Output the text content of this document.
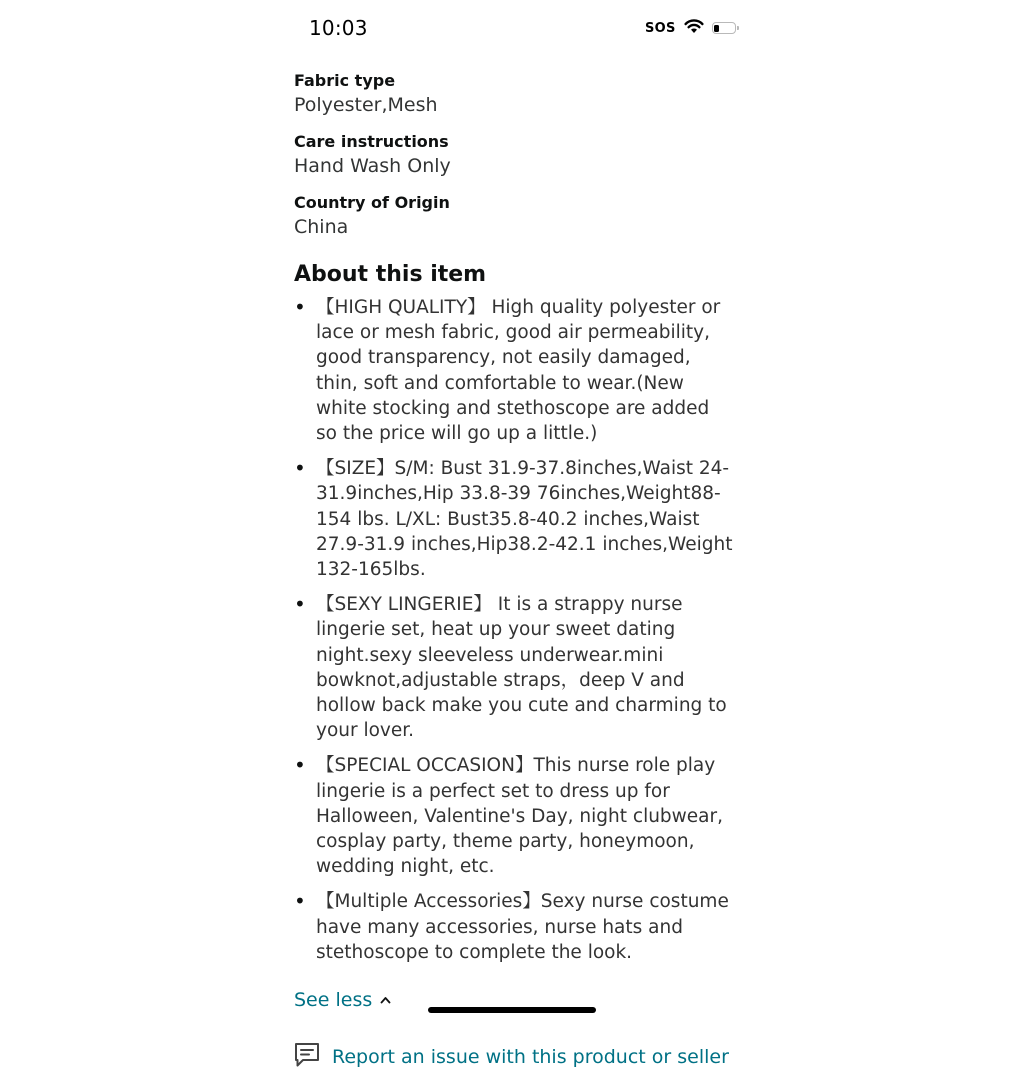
10:03	SOS
Fabric type
Polyester,Mesh
Care instructions
Hand Wash Only
Country of Origin
China
About this item
• 【HIGH QUALITY】 High quality polyester or lace or mesh fabric, good air permeability, good transparency, not easily damaged, thin, soft and comfortable to wear.(New white stocking and stethoscope are added so the price will go up a little.)
• 【SIZE】S/M: Bust 31.9-37.8inches,Waist 24-31.9inches,Hip 33.8-39 76inches,Weight88-154 lbs. L/XL: Bust35.8-40.2 inches,Waist 27.9-31.9 inches,Hip38.2-42.1 inches,Weight 132-165lbs.
• 【SEXY LINGERIE】 It is a strappy nurse lingerie set, heat up your sweet dating night.sexy sleeveless underwear.mini bowknot,adjustable straps，deep V and hollow back make you cute and charming to your lover.
• 【SPECIAL OCCASION】This nurse role play lingerie is a perfect set to dress up for Halloween, Valentine's Day, night clubwear, cosplay party, theme party, honeymoon, wedding night, etc.
• 【Multiple Accessories】Sexy nurse costume have many accessories, nurse hats and stethoscope to complete the look.
See less
Report an issue with this product or seller
